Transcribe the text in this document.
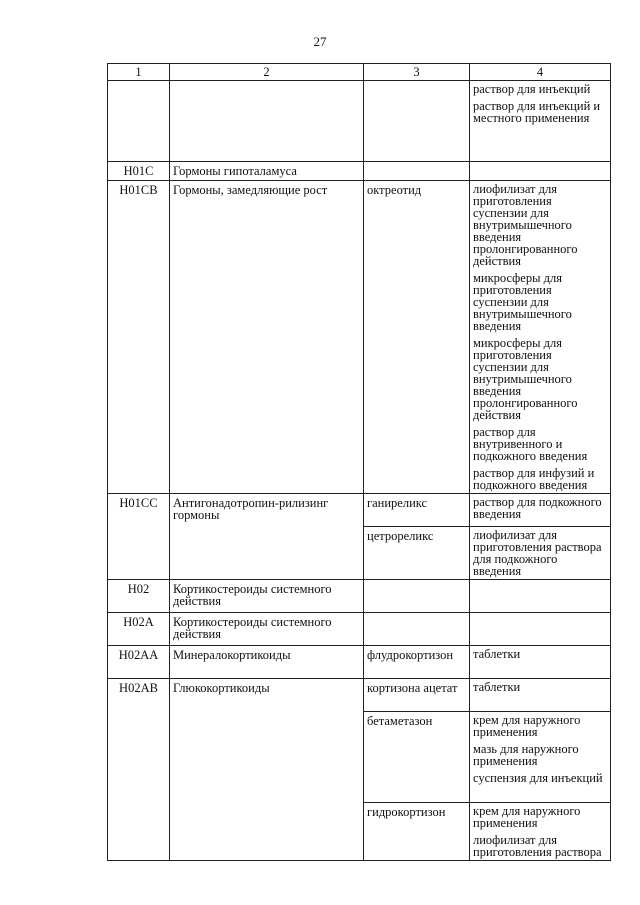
27
1	2	3	4

			раствор для инъекций
раствор для инъекций и местного применения

H01C	Гормоны гипоталамуса		
H01CB	Гормоны, замедляющие рост	октреотид	лиофилизат для приготовления суспензии для внутримышечного введения пролонгированного действия
микросферы для приготовления суспензии для внутримышечного введения
микросферы для приготовления суспензии для внутримышечного введения пролонгированного действия
раствор для внутривенного и подкожного введения
раствор для инфузий и подкожного введения

H01CC	Антигонадотропин-рилизинг гормоны	ганиреликс	раствор для подкожного введения

		цетрореликс	лиофилизат для приготовления раствора для подкожного введения

H02	Кортикостероиды системного действия		
H02A	Кортикостероиды системного действия		
H02AA	Минералокортикоиды	флудрокортизон	таблетки

H02AB	Глюкокортикоиды	кортизона ацетат	таблетки

		бетаметазон	крем для наружного применения
мазь для наружного применения
суспензия для инъекций

		гидрокортизон	крем для наружного применения
лиофилизат для приготовления раствора
